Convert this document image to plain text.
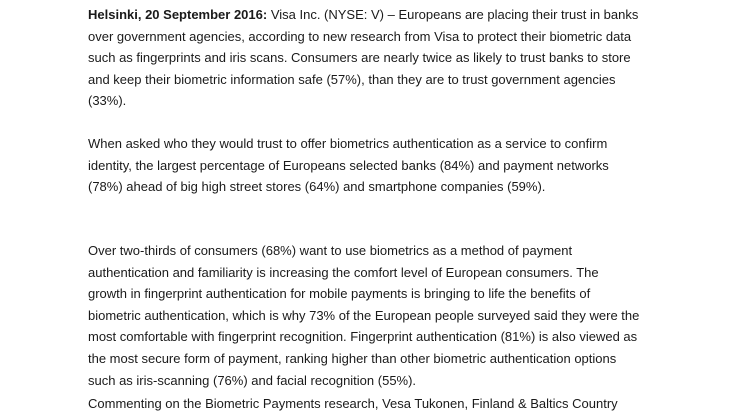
Helsinki, 20 September 2016: Visa Inc. (NYSE: V) – Europeans are placing their trust in banks
over government agencies, according to new research from Visa to protect their biometric data
such as fingerprints and iris scans. Consumers are nearly twice as likely to trust banks to store
and keep their biometric information safe (57%), than they are to trust government agencies
(33%).

When asked who they would trust to offer biometrics authentication as a service to confirm
identity, the largest percentage of Europeans selected banks (84%) and payment networks
(78%) ahead of big high street stores (64%) and smartphone companies (59%).

Over two-thirds of consumers (68%) want to use biometrics as a method of payment
authentication and familiarity is increasing the comfort level of European consumers. The
growth in fingerprint authentication for mobile payments is bringing to life the benefits of
biometric authentication, which is why 73% of the European people surveyed said they were the
most comfortable with fingerprint recognition. Fingerprint authentication (81%) is also viewed as
the most secure form of payment, ranking higher than other biometric authentication options
such as iris-scanning (76%) and facial recognition (55%).

Commenting on the Biometric Payments research, Vesa Tukonen, Finland & Baltics Country
